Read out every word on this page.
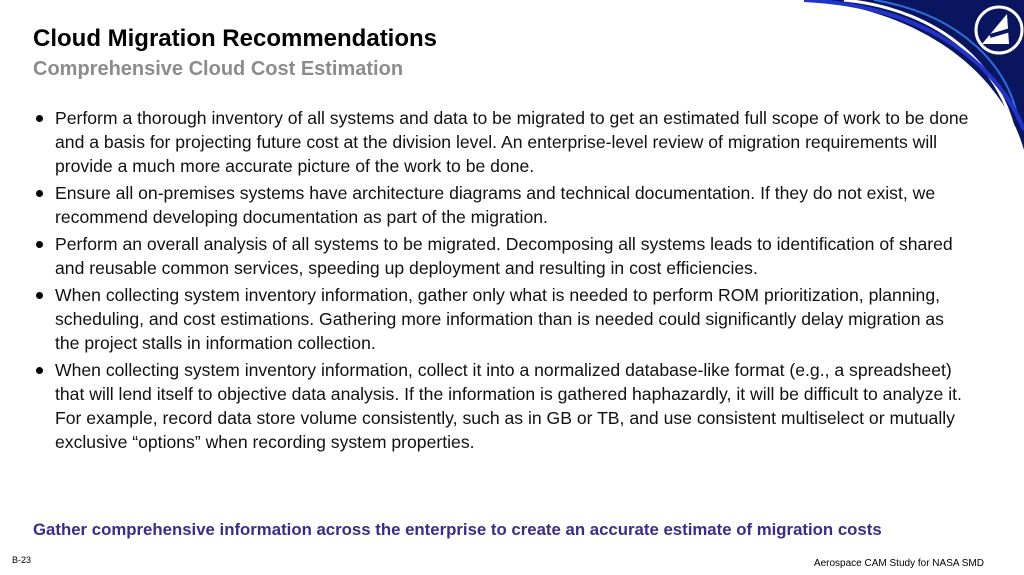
Cloud Migration Recommendations
Comprehensive Cloud Cost Estimation
Perform a thorough inventory of all systems and data to be migrated to get an estimated full scope of work to be done and a basis for projecting future cost at the division level. An enterprise-level review of migration requirements will provide a much more accurate picture of the work to be done.
Ensure all on-premises systems have architecture diagrams and technical documentation. If they do not exist, we recommend developing documentation as part of the migration.
Perform an overall analysis of all systems to be migrated. Decomposing all systems leads to identification of shared and reusable common services, speeding up deployment and resulting in cost efficiencies.
When collecting system inventory information, gather only what is needed to perform ROM prioritization, planning, scheduling, and cost estimations. Gathering more information than is needed could significantly delay migration as the project stalls in information collection.
When collecting system inventory information, collect it into a normalized database-like format (e.g., a spreadsheet) that will lend itself to objective data analysis. If the information is gathered haphazardly, it will be difficult to analyze it. For example, record data store volume consistently, such as in GB or TB, and use consistent multiselect or mutually exclusive “options” when recording system properties.
Gather comprehensive information across the enterprise to create an accurate estimate of migration costs
B-23	Aerospace CAM Study for NASA SMD
